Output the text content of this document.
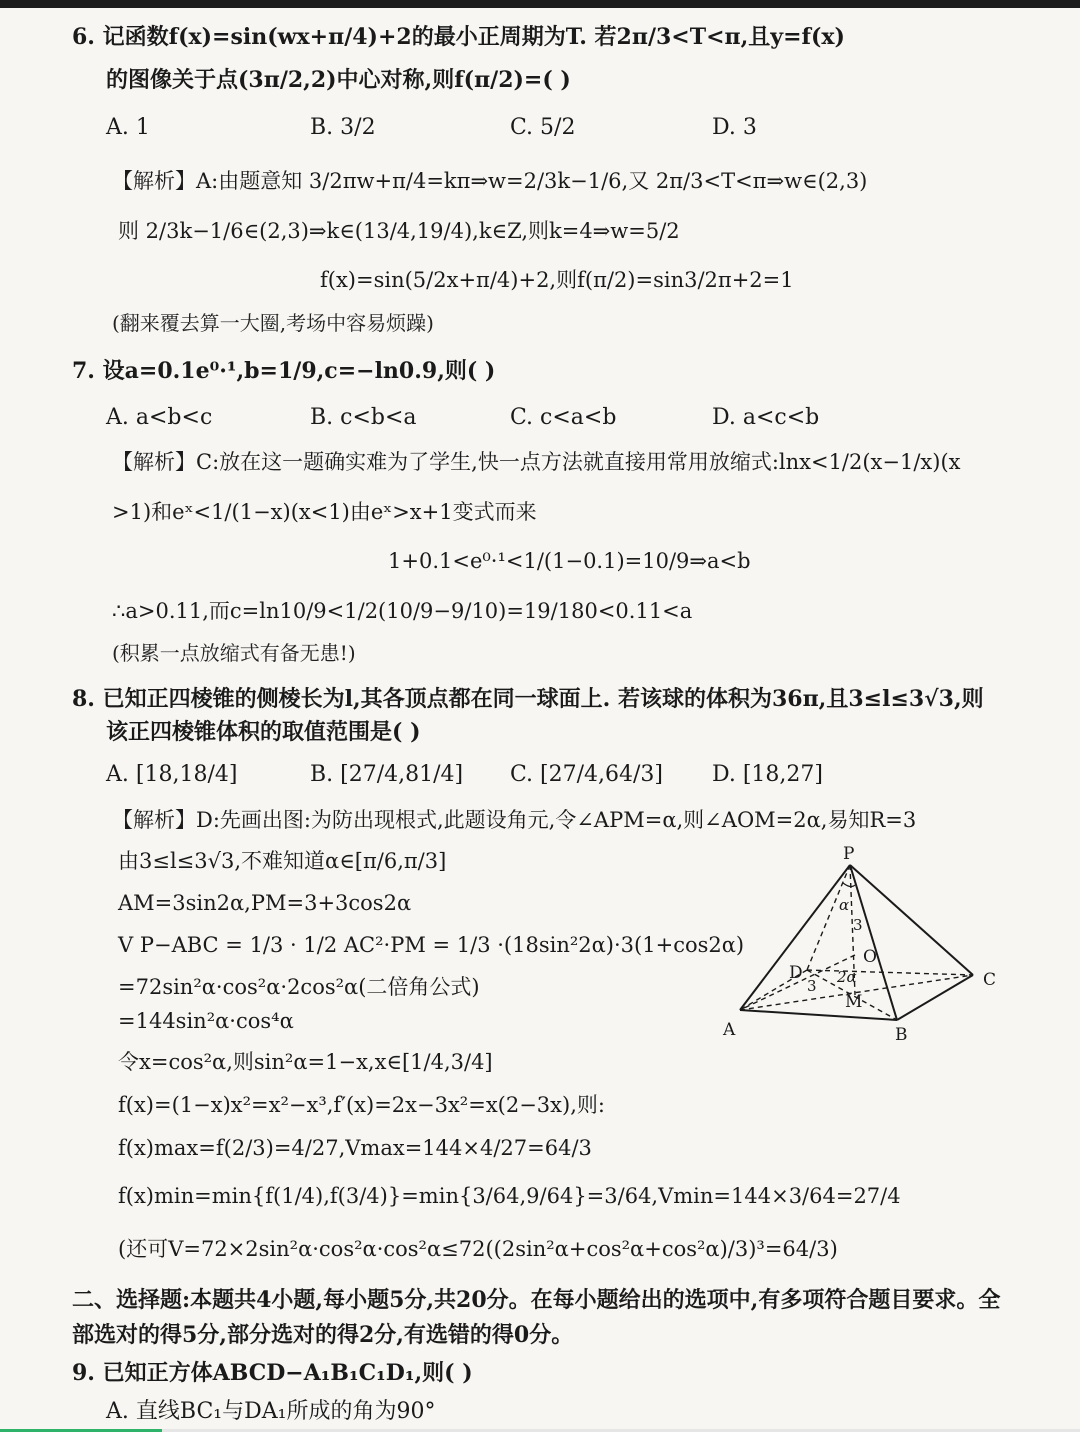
6. 记函数f(x)=sin(wx+π/4)+2的最小正周期为T. 若2π/3<T<π,且y=f(x)
的图像关于点(3π/2,2)中心对称,则f(π/2)=( )
A. 1	B. 3/2	C. 5/2	D. 3
【解析】A:由题意知 3/2πw+π/4=kπ⇒w=2/3k−1/6,又 2π/3<T<π⇒w∈(2,3)
则 2/3k−1/6∈(2,3)⇒k∈(13/4,19/4),k∈Z,则k=4⇒w=5/2
f(x)=sin(5/2x+π/4)+2,则f(π/2)=sin3/2π+2=1
(翻来覆去算一大圈,考场中容易烦躁)
7. 设a=0.1e⁰·¹,b=1/9,c=−ln0.9,则( )
A. a<b<c	B. c<b<a	C. c<a<b	D. a<c<b
【解析】C:放在这一题确实难为了学生,快一点方法就直接用常用放缩式:lnx<1/2(x−1/x)(x
>1)和eˣ<1/(1−x)(x<1)由eˣ>x+1变式而来
1+0.1<e⁰·¹<1/(1−0.1)=10/9⇒a<b
∴a>0.11,而c=ln10/9<1/2(10/9−9/10)=19/180<0.11<a
(积累一点放缩式有备无患!)
8. 已知正四棱锥的侧棱长为l,其各顶点都在同一球面上. 若该球的体积为36π,且3≤l≤3√3,则
该正四棱锥体积的取值范围是( )
A. [18,18/4]	B. [27/4,81/4] C. [27/4,64/3] D. [18,27]
【解析】D:先画出图:为防出现根式,此题设角元,令∠APM=α,则∠AOM=2α,易知R=3
由3≤l≤3√3,不难知道α∈[π/6,π/3]
AM=3sin2α,PM=3+3cos2α
V P−ABC = 1/3 · 1/2 AC²·PM = 1/3 ·(18sin²2α)·3(1+cos2α)
=72sin²α·cos²α·2cos²α(二倍角公式)
=144sin²α·cos⁴α
令x=cos²α,则sin²α=1−x,x∈[1/4,3/4]
f(x)=(1−x)x²=x²−x³,f′(x)=2x−3x²=x(2−3x),则:
f(x)max=f(2/3)=4/27,Vmax=144×4/27=64/3
f(x)min=min{f(1/4),f(3/4)}=min{3/64,9/64}=3/64,Vmin=144×3/64=27/4
(还可V=72×2sin²α·cos²α·cos²α≤72((2sin²α+cos²α+cos²α)/3)³=64/3)
P
A	B
C
D
O
M
α
2α
3
3
二、选择题:本题共4小题,每小题5分,共20分。在每小题给出的选项中,有多项符合题目要求。全
部选对的得5分,部分选对的得2分,有选错的得0分。
9. 已知正方体ABCD−A₁B₁C₁D₁,则( )
A. 直线BC₁与DA₁所成的角为90°
